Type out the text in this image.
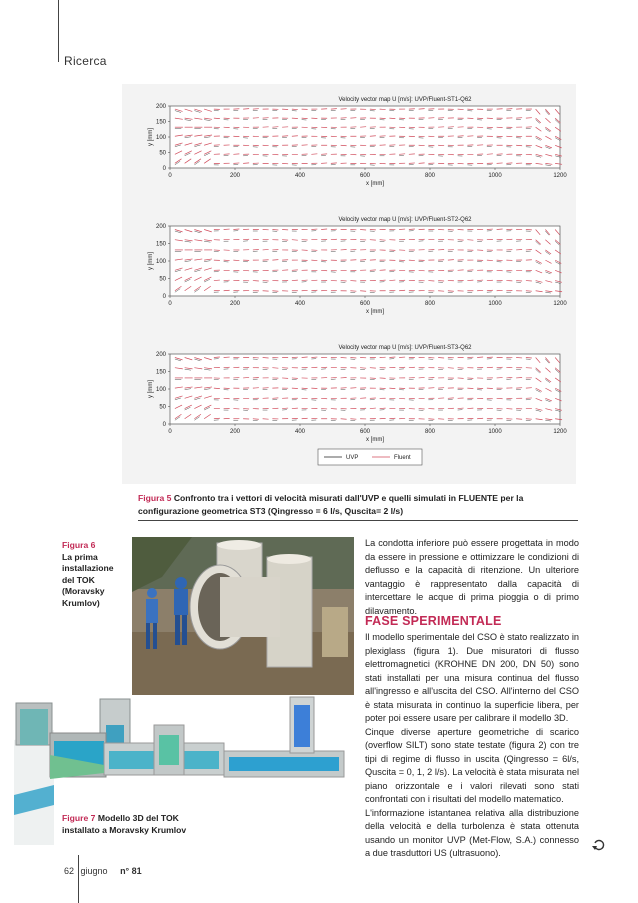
Ricerca
Velocity vector map U [m/s]: UVP/Fluent-ST1-Q62
0	200	400	600	800	1000	1200
0
50
100
150
200
x [mm]
y [mm]
Velocity vector map U [m/s]: UVP/Fluent-ST2-Q62
0	200	400	600	800	1000	1200
0
50
100
150
200
x [mm]
y [mm]
Velocity vector map U [m/s]: UVP/Fluent-ST3-Q62
0	200	400	600	800	1000	1200
0
50
100
150
200
x [mm]
y [mm]
UVP	Fluent
Figura 5 Confronto tra i vettori di velocità misurati dall'UVP e quelli simulati in FLUENTE per la configurazione geometrica ST3 (Qingresso = 6 l/s, Quscita= 2 l/s)
Figura 6
La prima installazione del TOK (Moravsky Krumlov)
Figure 7 Modello 3D del TOK installato a Moravsky Krumlov
La condotta inferiore può essere progettata in modo da essere in pressione e ottimizzare le condizioni di deflusso e la capacità di ritenzione. Un ulteriore vantaggio è rappresentato dalla capacità di intercettare le acque di prima pioggia o di primo dilavamento.
FASE SPERIMENTALE
Il modello sperimentale del CSO è stato realizzato in plexiglass (figura 1). Due misuratori di flusso elettromagnetici (KROHNE DN 200, DN 50) sono stati installati per una misura continua del flusso all'ingresso e all'uscita del CSO. All'interno del CSO è stata misurata in continuo la superficie libera, per poter poi essere usare per calibrare il modello 3D.
Cinque diverse aperture geometriche di scarico (overflow SILT) sono state testate (figura 2) con tre tipi di regime di flusso in uscita (Qingresso = 6l/s, Quscita = 0, 1, 2 l/s). La velocità è stata misurata nel piano orizzontale e i valori rilevati sono stati confrontati con i risultati del modello matematico.
L'informazione istantanea relativa alla distribuzione della velocità e della turbolenza è stata ottenuta usando un monitor UVP (Met-Flow, S.A.) connesso a due trasduttori US (ultrasuono).
62 giugno n° 81
